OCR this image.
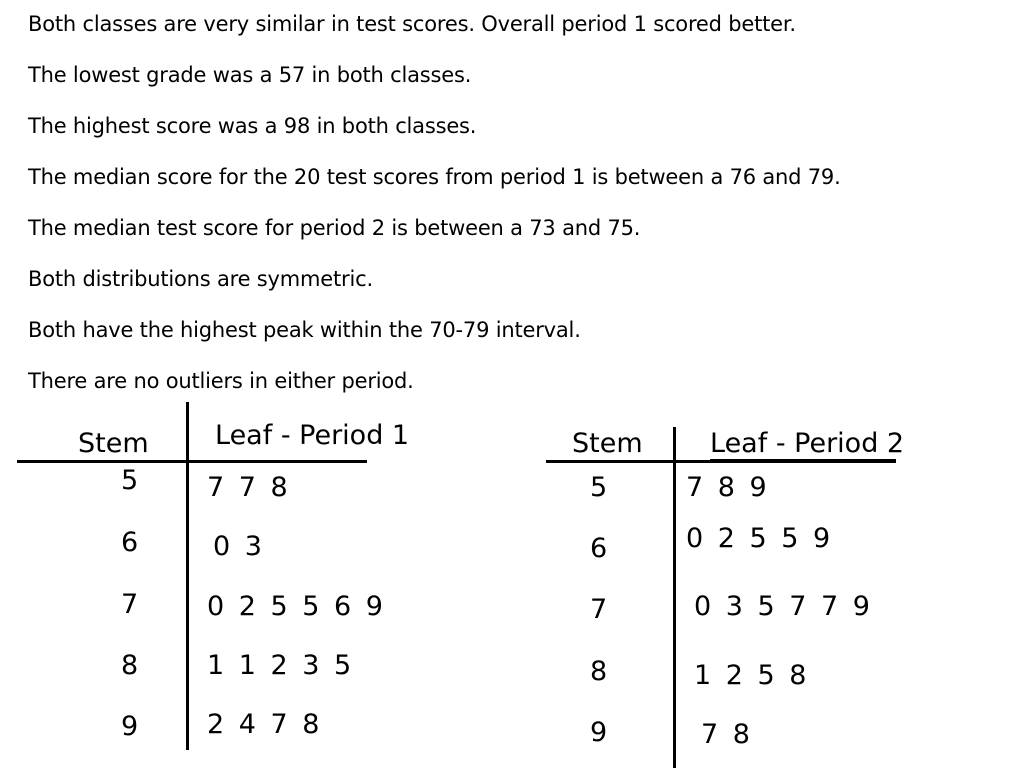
Both classes are very similar in test scores. Overall period 1 scored better.
The lowest grade was a 57 in both classes.
The highest score was a 98 in both classes.
The median score for the 20 test scores from period 1 is between a 76 and 79.
The median test score for period 2 is between a 73 and 75.
Both distributions are symmetric.
Both have the highest peak within the 70-79 interval.
There are no outliers in either period.
Stem Leaf - Period 1
5	7 7 8
6	0 3
7	0 2 5 5 6 9
8	1 1 2 3 5
9	2 4 7 8
Stem Leaf - Period 2
5	7 8 9
6	0 2 5 5 9
7	0 3 5 7 7 9
8	1 2 5 8
9	7 8
